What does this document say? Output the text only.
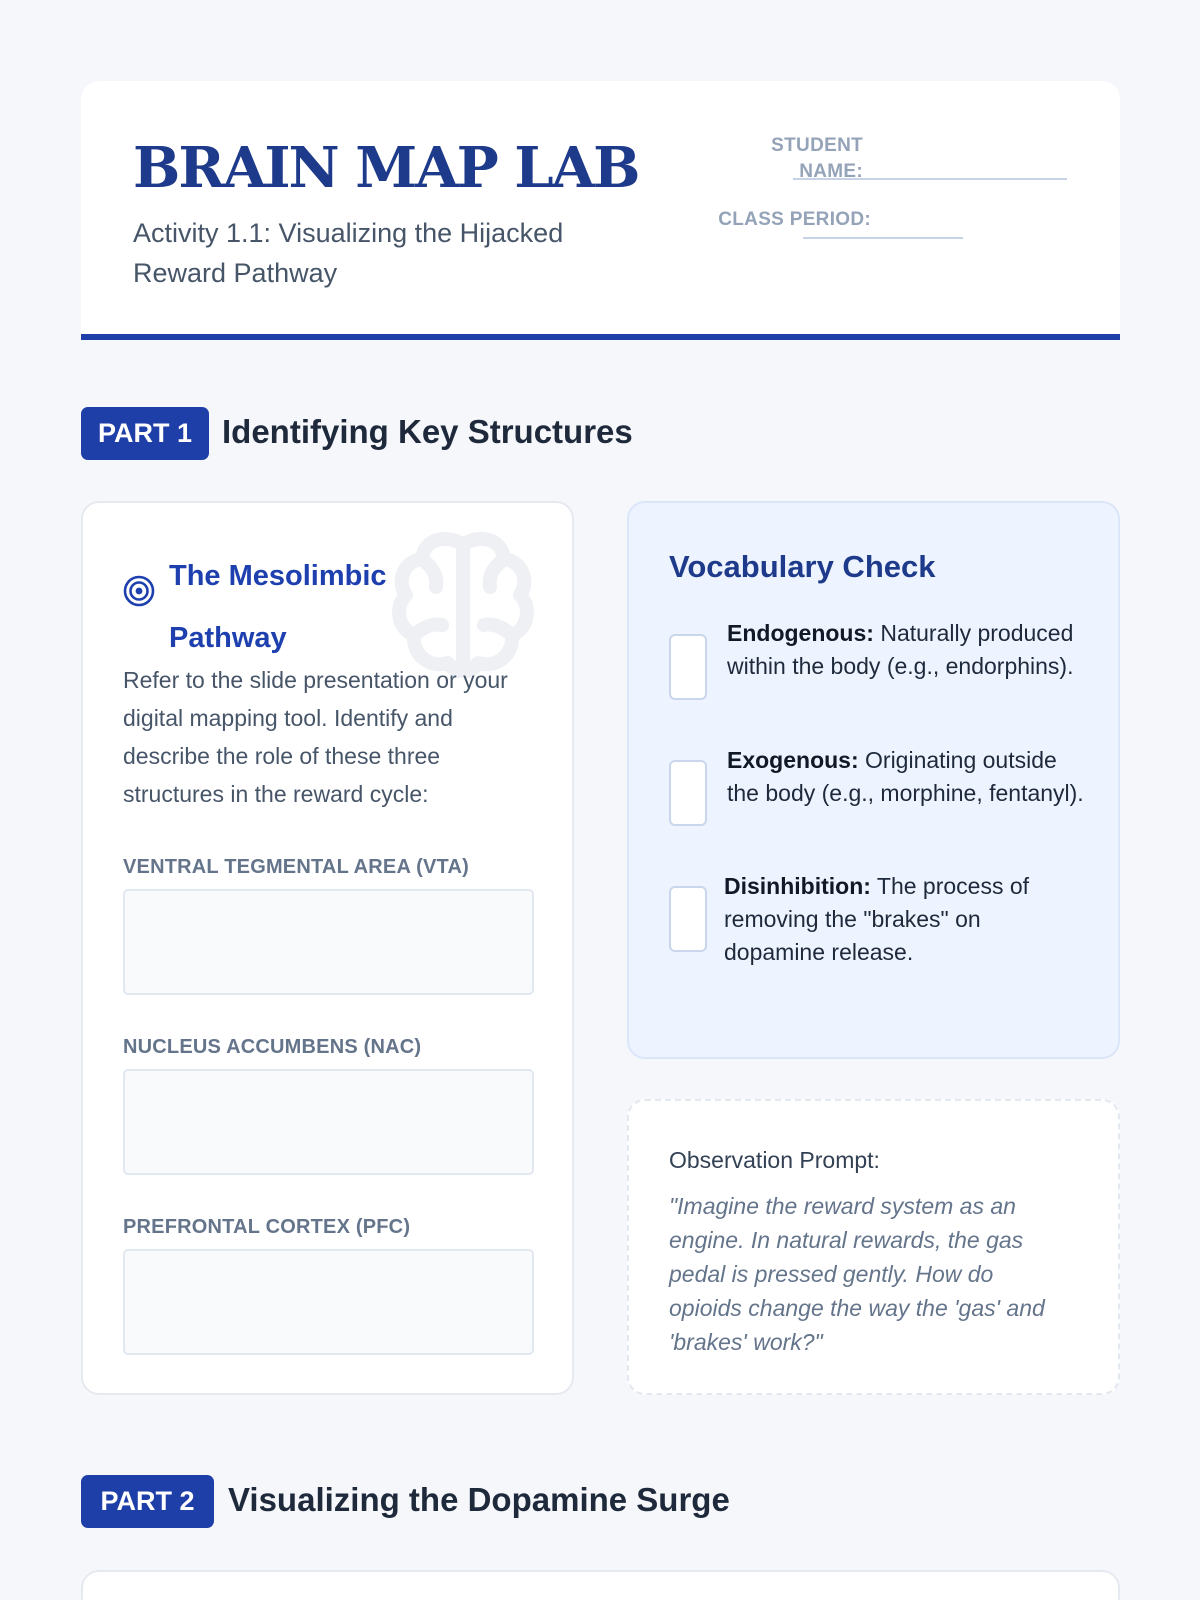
BRAIN MAP LAB
Activity 1.1: Visualizing the Hijacked Reward Pathway
STUDENT
NAME:
CLASS PERIOD:
PART 1 Identifying Key Structures
The Mesolimbic Pathway
Refer to the slide presentation or your digital mapping tool. Identify and describe the role of these three structures in the reward cycle:
VENTRAL TEGMENTAL AREA (VTA)
NUCLEUS ACCUMBENS (NAC)
PREFRONTAL CORTEX (PFC)
Vocabulary Check
Endogenous: Naturally produced within the body (e.g., endorphins).
Exogenous: Originating outside the body (e.g., morphine, fentanyl).
Disinhibition: The process of removing the "brakes" on dopamine release.
Observation Prompt:
"Imagine the reward system as an engine. In natural rewards, the gas pedal is pressed gently. How do opioids change the way the 'gas' and 'brakes' work?"
PART 2	Visualizing the Dopamine Surge
